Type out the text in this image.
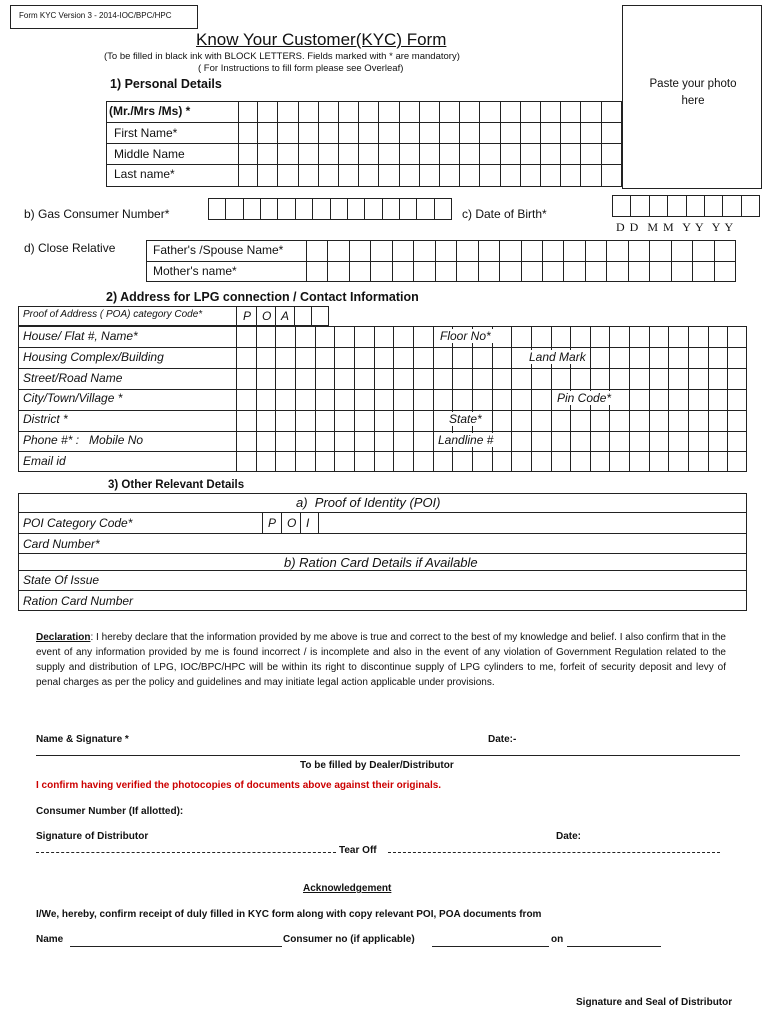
Form KYC Version 3 - 2014-IOC/BPC/HPC
Know Your Customer(KYC) Form
(To be filled in black ink with BLOCK LETTERS. Fields marked with * are mandatory)
( For Instructions to fill form please see Overleaf)
Paste your photo here
1) Personal Details
(Mr./Mrs /Ms) *
First Name*
Middle Name
Last name*
b) Gas Consumer Number*	c) Date of Birth*
D D  M M  Y Y  Y Y
d) Close Relative	Father's /Spouse Name*
Mother's name*
2) Address for LPG connection / Contact Information
Proof of Address ( POA) category Code*	P O A
House/ Flat #, Name*	Floor No*
Housing Complex/Building	Land Mark
Street/Road Name
City/Town/Village *	Pin Code*
District *	State*
Phone #* :   Mobile No	Landline #
Email id
3) Other Relevant Details
a)  Proof of Identity (POI)
POI Category Code*	P O I
Card Number*
b) Ration Card Details if Available
State Of Issue
Ration Card Number
Declaration: I hereby declare that the information provided by me above is true and correct to the best of my knowledge and belief. I also confirm that in the event of any information provided by me is found incorrect / is incomplete and also in the event of any violation of Government Regulation related to the supply and distribution of LPG, IOC/BPC/HPC will be within its right to discontinue supply of LPG cylinders to me, forfeit of security deposit and levy of penal charges as per the policy and guidelines and may initiate legal action applicable under provisions.
Name & Signature *	Date:-
To be filled by Dealer/Distributor
I confirm having verified the photocopies of documents above against their originals.
Consumer Number (If allotted):
Signature of Distributor	Date:
Tear Off
Acknowledgement
I/We, hereby, confirm receipt of duly filled in KYC form along with copy relevant POI, POA documents from
Name	Consumer no (if applicable)	on
Signature and Seal of Distributor
